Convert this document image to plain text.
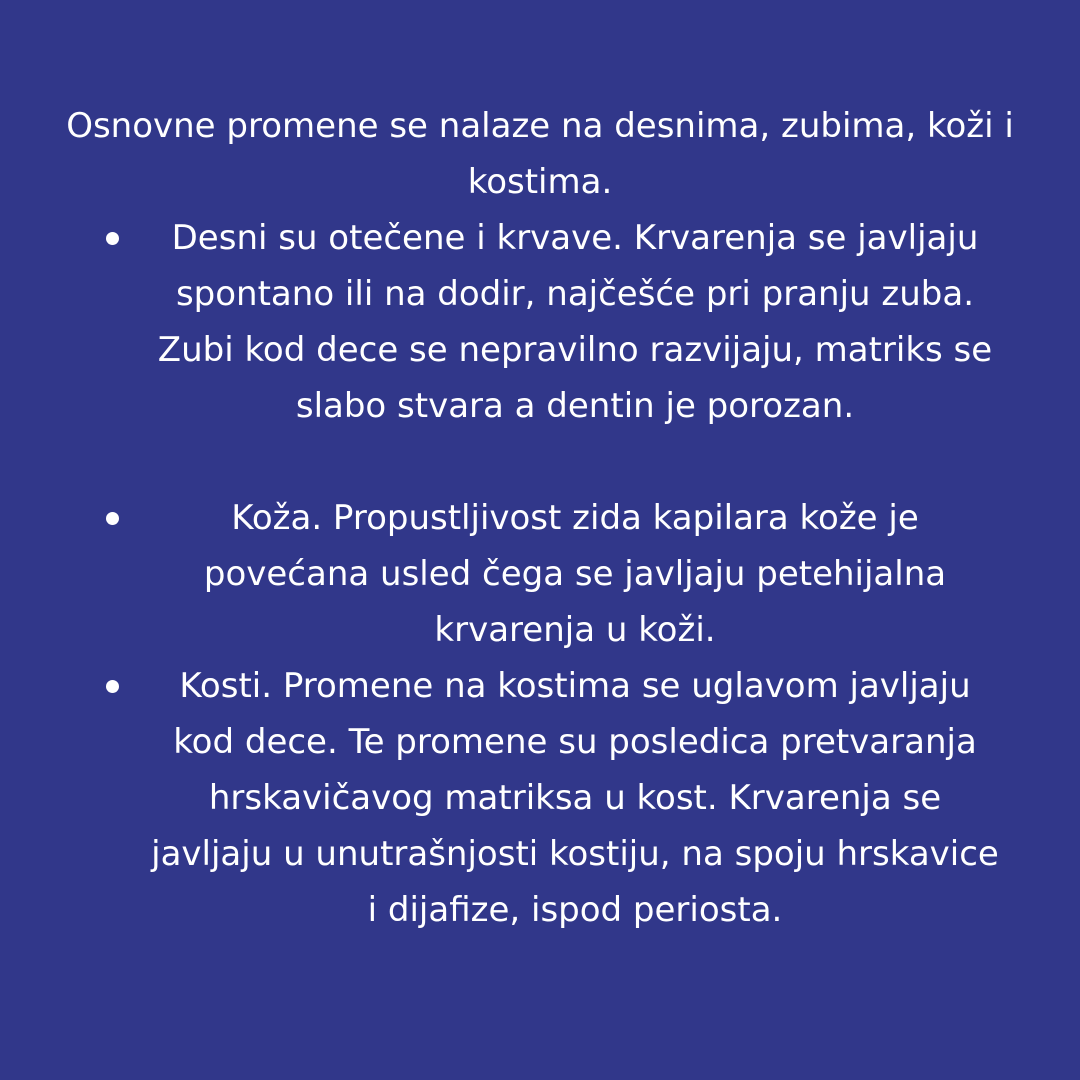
Osnovne promene se nalaze na desnima, zubima, koži i kostima.

Desni su otečene i krvave. Krvarenja se javljaju spontano ili na dodir, najčešće pri pranju zuba. Zubi kod dece se nepravilno razvijaju, matriks se slabo stvara a dentin je porozan.

Koža. Propustljivost zida kapilara kože je povećana usled čega se javljaju petehijalna krvarenja u koži.

Kosti. Promene na kostima se uglavom javljaju kod dece. Te promene su posledica pretvaranja hrskavičavog matriksa u kost. Krvarenja se javljaju u unutrašnjosti kostiju, na spoju hrskavice i dijafize, ispod periosta.
